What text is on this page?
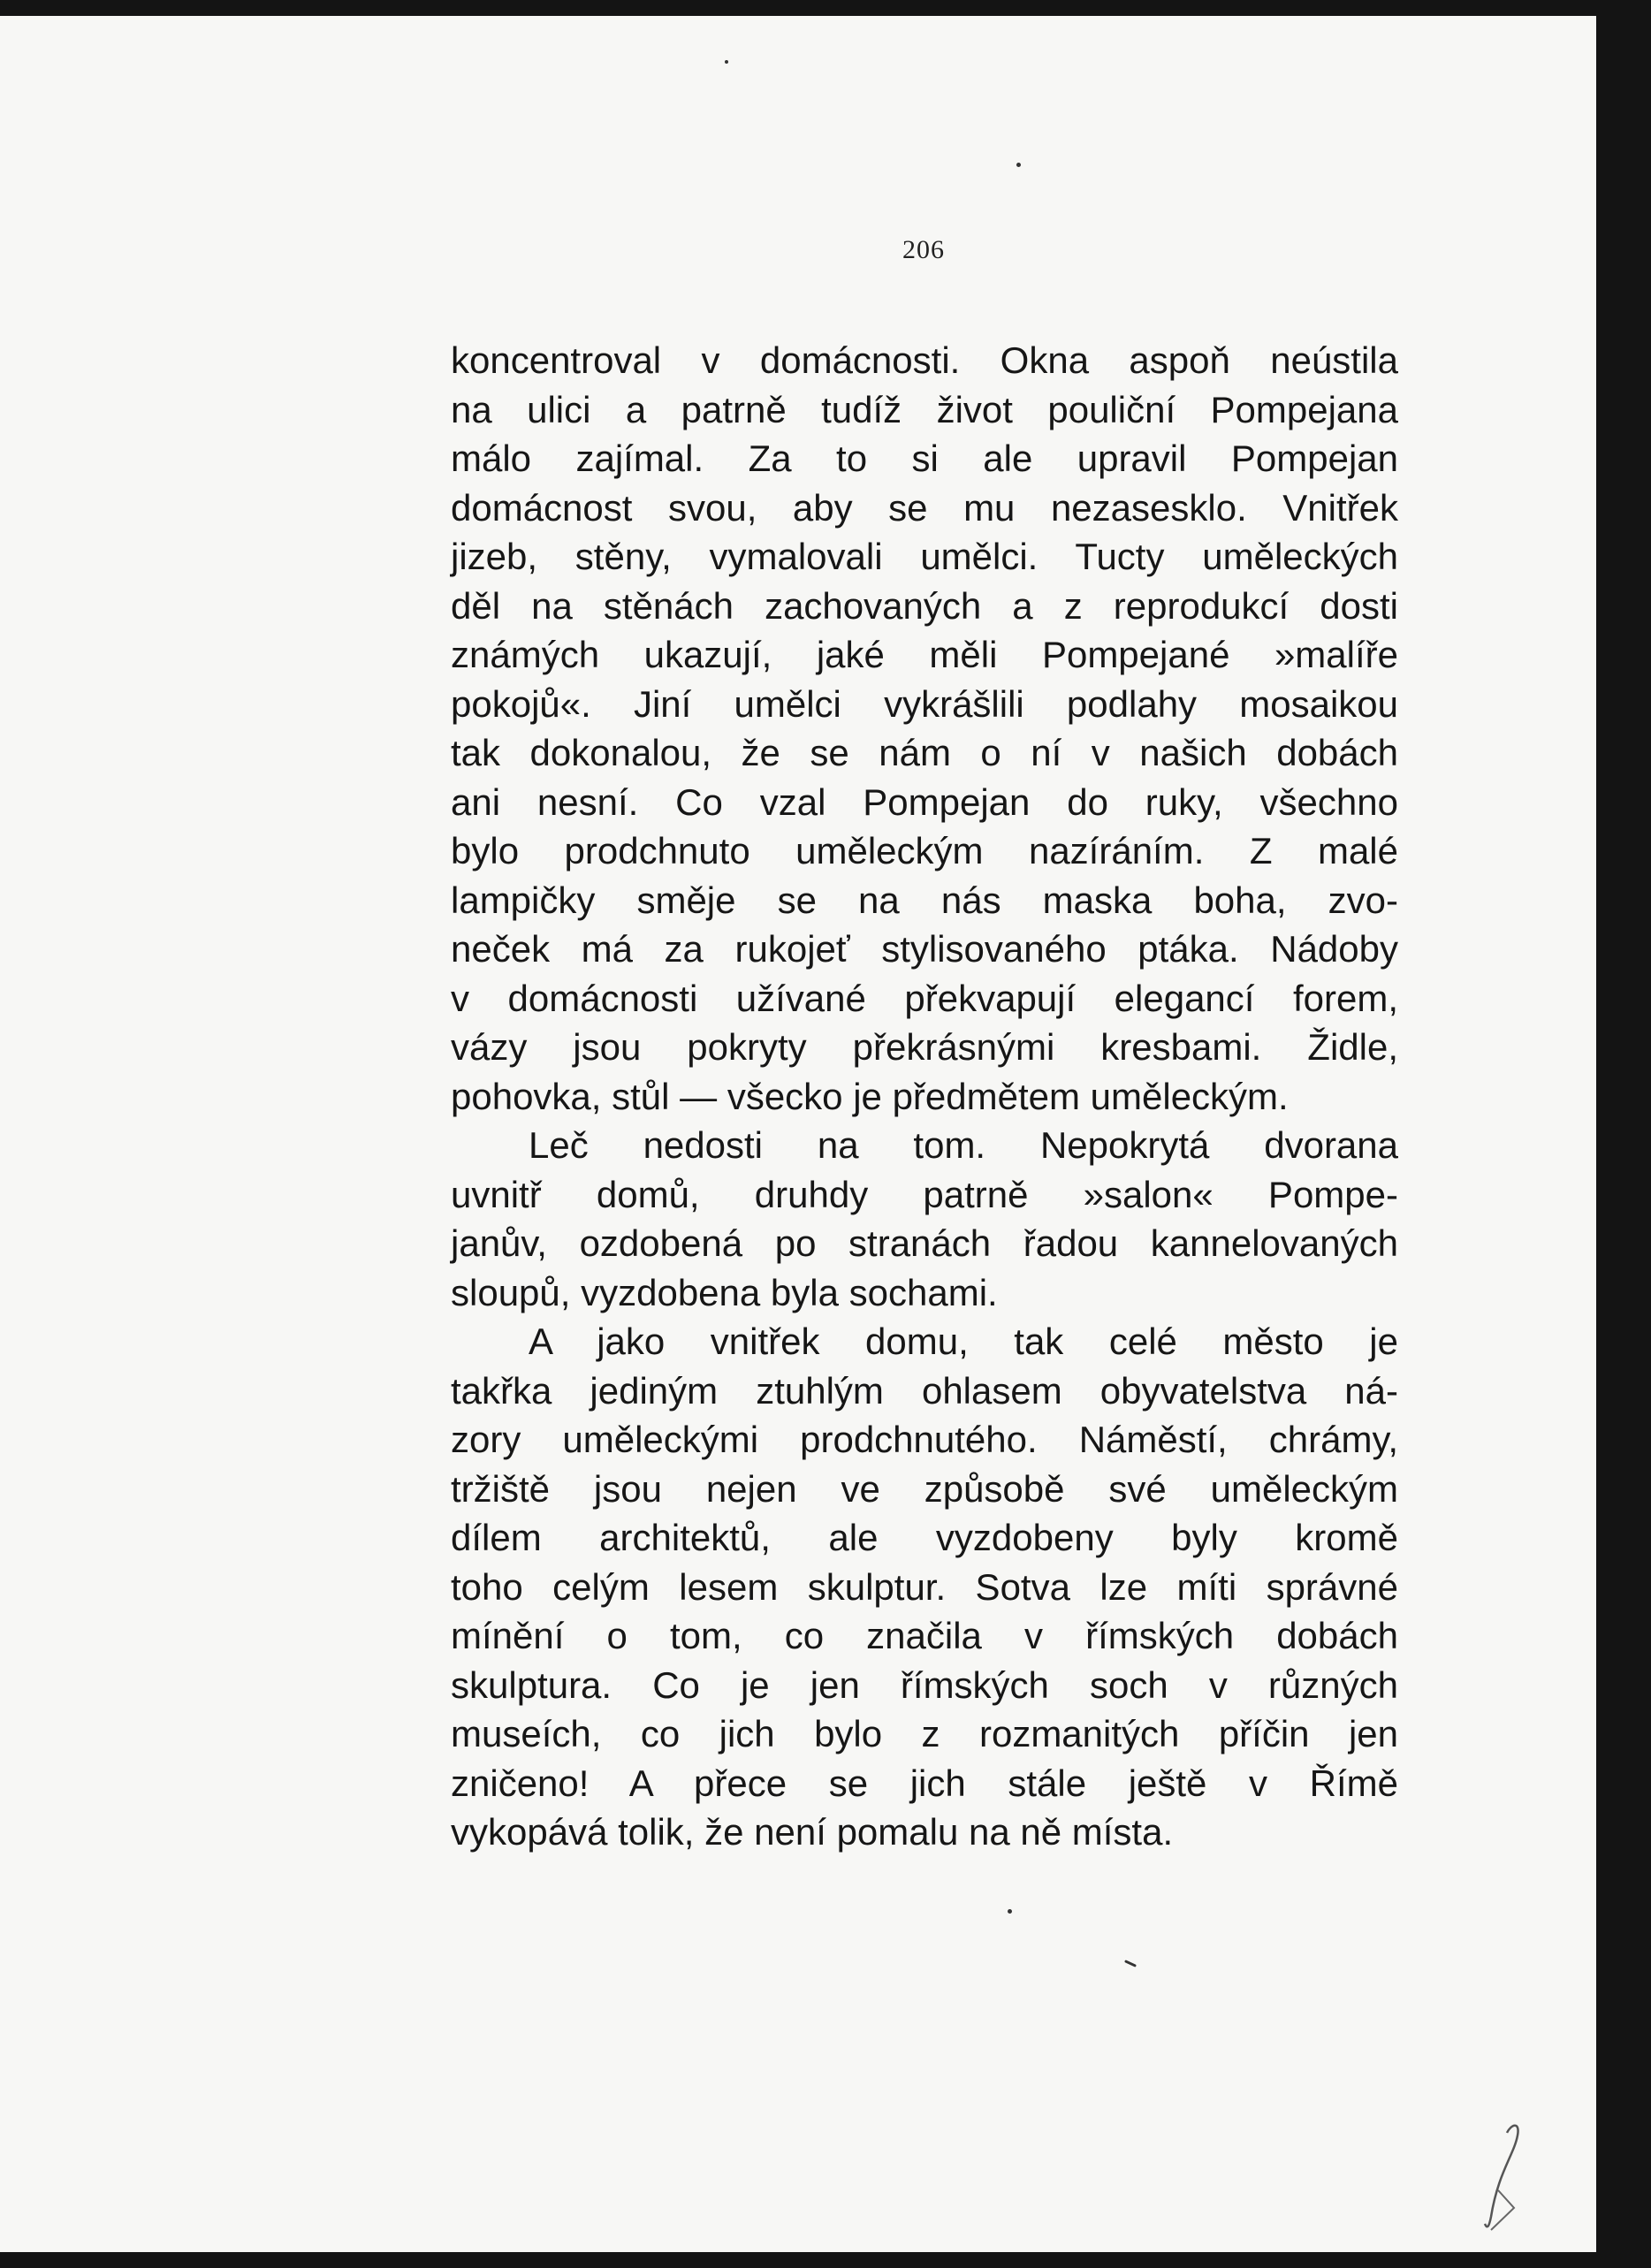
206
koncentroval v domácnosti. Okna aspoň neústila
na ulici a patrně tudíž život pouliční Pompejana
málo zajímal. Za to si ale upravil Pompejan
domácnost svou, aby se mu nezasesklo. Vnitřek
jizeb, stěny, vymalovali umělci. Tucty uměleckých
děl na stěnách zachovaných a z reprodukcí dosti
známých ukazují, jaké měli Pompejané »malíře
pokojů«. Jiní umělci vykrášlili podlahy mosaikou
tak dokonalou, že se nám o ní v našich dobách
ani nesní. Co vzal Pompejan do ruky, všechno
bylo prodchnuto uměleckým nazíráním. Z malé
lampičky směje se na nás maska boha, zvo-
neček má za rukojeť stylisovaného ptáka. Nádoby
v domácnosti užívané překvapují elegancí forem,
vázy jsou pokryty překrásnými kresbami. Židle,
pohovka, stůl — všecko je předmětem uměleckým.
Leč nedosti na tom. Nepokrytá dvorana
uvnitř domů, druhdy patrně »salon« Pompe-
janův, ozdobená po stranách řadou kannelovaných
sloupů, vyzdobena byla sochami.
A jako vnitřek domu, tak celé město je
takřka jediným ztuhlým ohlasem obyvatelstva ná-
zory uměleckými prodchnutého. Náměstí, chrámy,
tržiště jsou nejen ve způsobě své uměleckým
dílem architektů, ale vyzdobeny byly kromě
toho celým lesem skulptur. Sotva lze míti správné
mínění o tom, co značila v římských dobách
skulptura. Co je jen římských soch v různých
museích, co jich bylo z rozmanitých příčin jen
zničeno! A přece se jich stále ještě v Římě
vykopává tolik, že není pomalu na ně místa.
